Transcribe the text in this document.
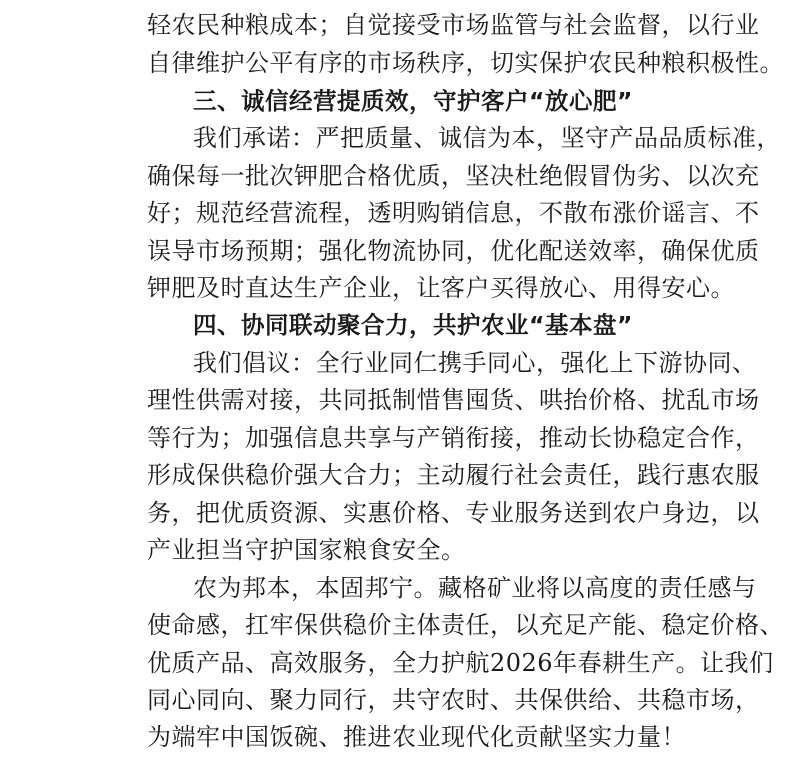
轻农民种粮成本；自觉接受市场监管与社会监督，以行业
自律维护公平有序的市场秩序，切实保护农民种粮积极性。
三、诚信经营提质效，守护客户“放心肥”
我们承诺：严把质量、诚信为本，坚守产品品质标准，
确保每一批次钾肥合格优质，坚决杜绝假冒伪劣、以次充
好；规范经营流程，透明购销信息，不散布涨价谣言、不
误导市场预期；强化物流协同，优化配送效率，确保优质
钾肥及时直达生产企业，让客户买得放心、用得安心。
四、协同联动聚合力，共护农业“基本盘”
我们倡议：全行业同仁携手同心，强化上下游协同、
理性供需对接，共同抵制惜售囤货、哄抬价格、扰乱市场
等行为；加强信息共享与产销衔接，推动长协稳定合作，
形成保供稳价强大合力；主动履行社会责任，践行惠农服
务，把优质资源、实惠价格、专业服务送到农户身边，以
产业担当守护国家粮食安全。
农为邦本，本固邦宁。藏格矿业将以高度的责任感与
使命感，扛牢保供稳价主体责任，以充足产能、稳定价格、
优质产品、高效服务，全力护航2026年春耕生产。让我们
同心同向、聚力同行，共守农时、共保供给、共稳市场，
为端牢中国饭碗、推进农业现代化贡献坚实力量！
